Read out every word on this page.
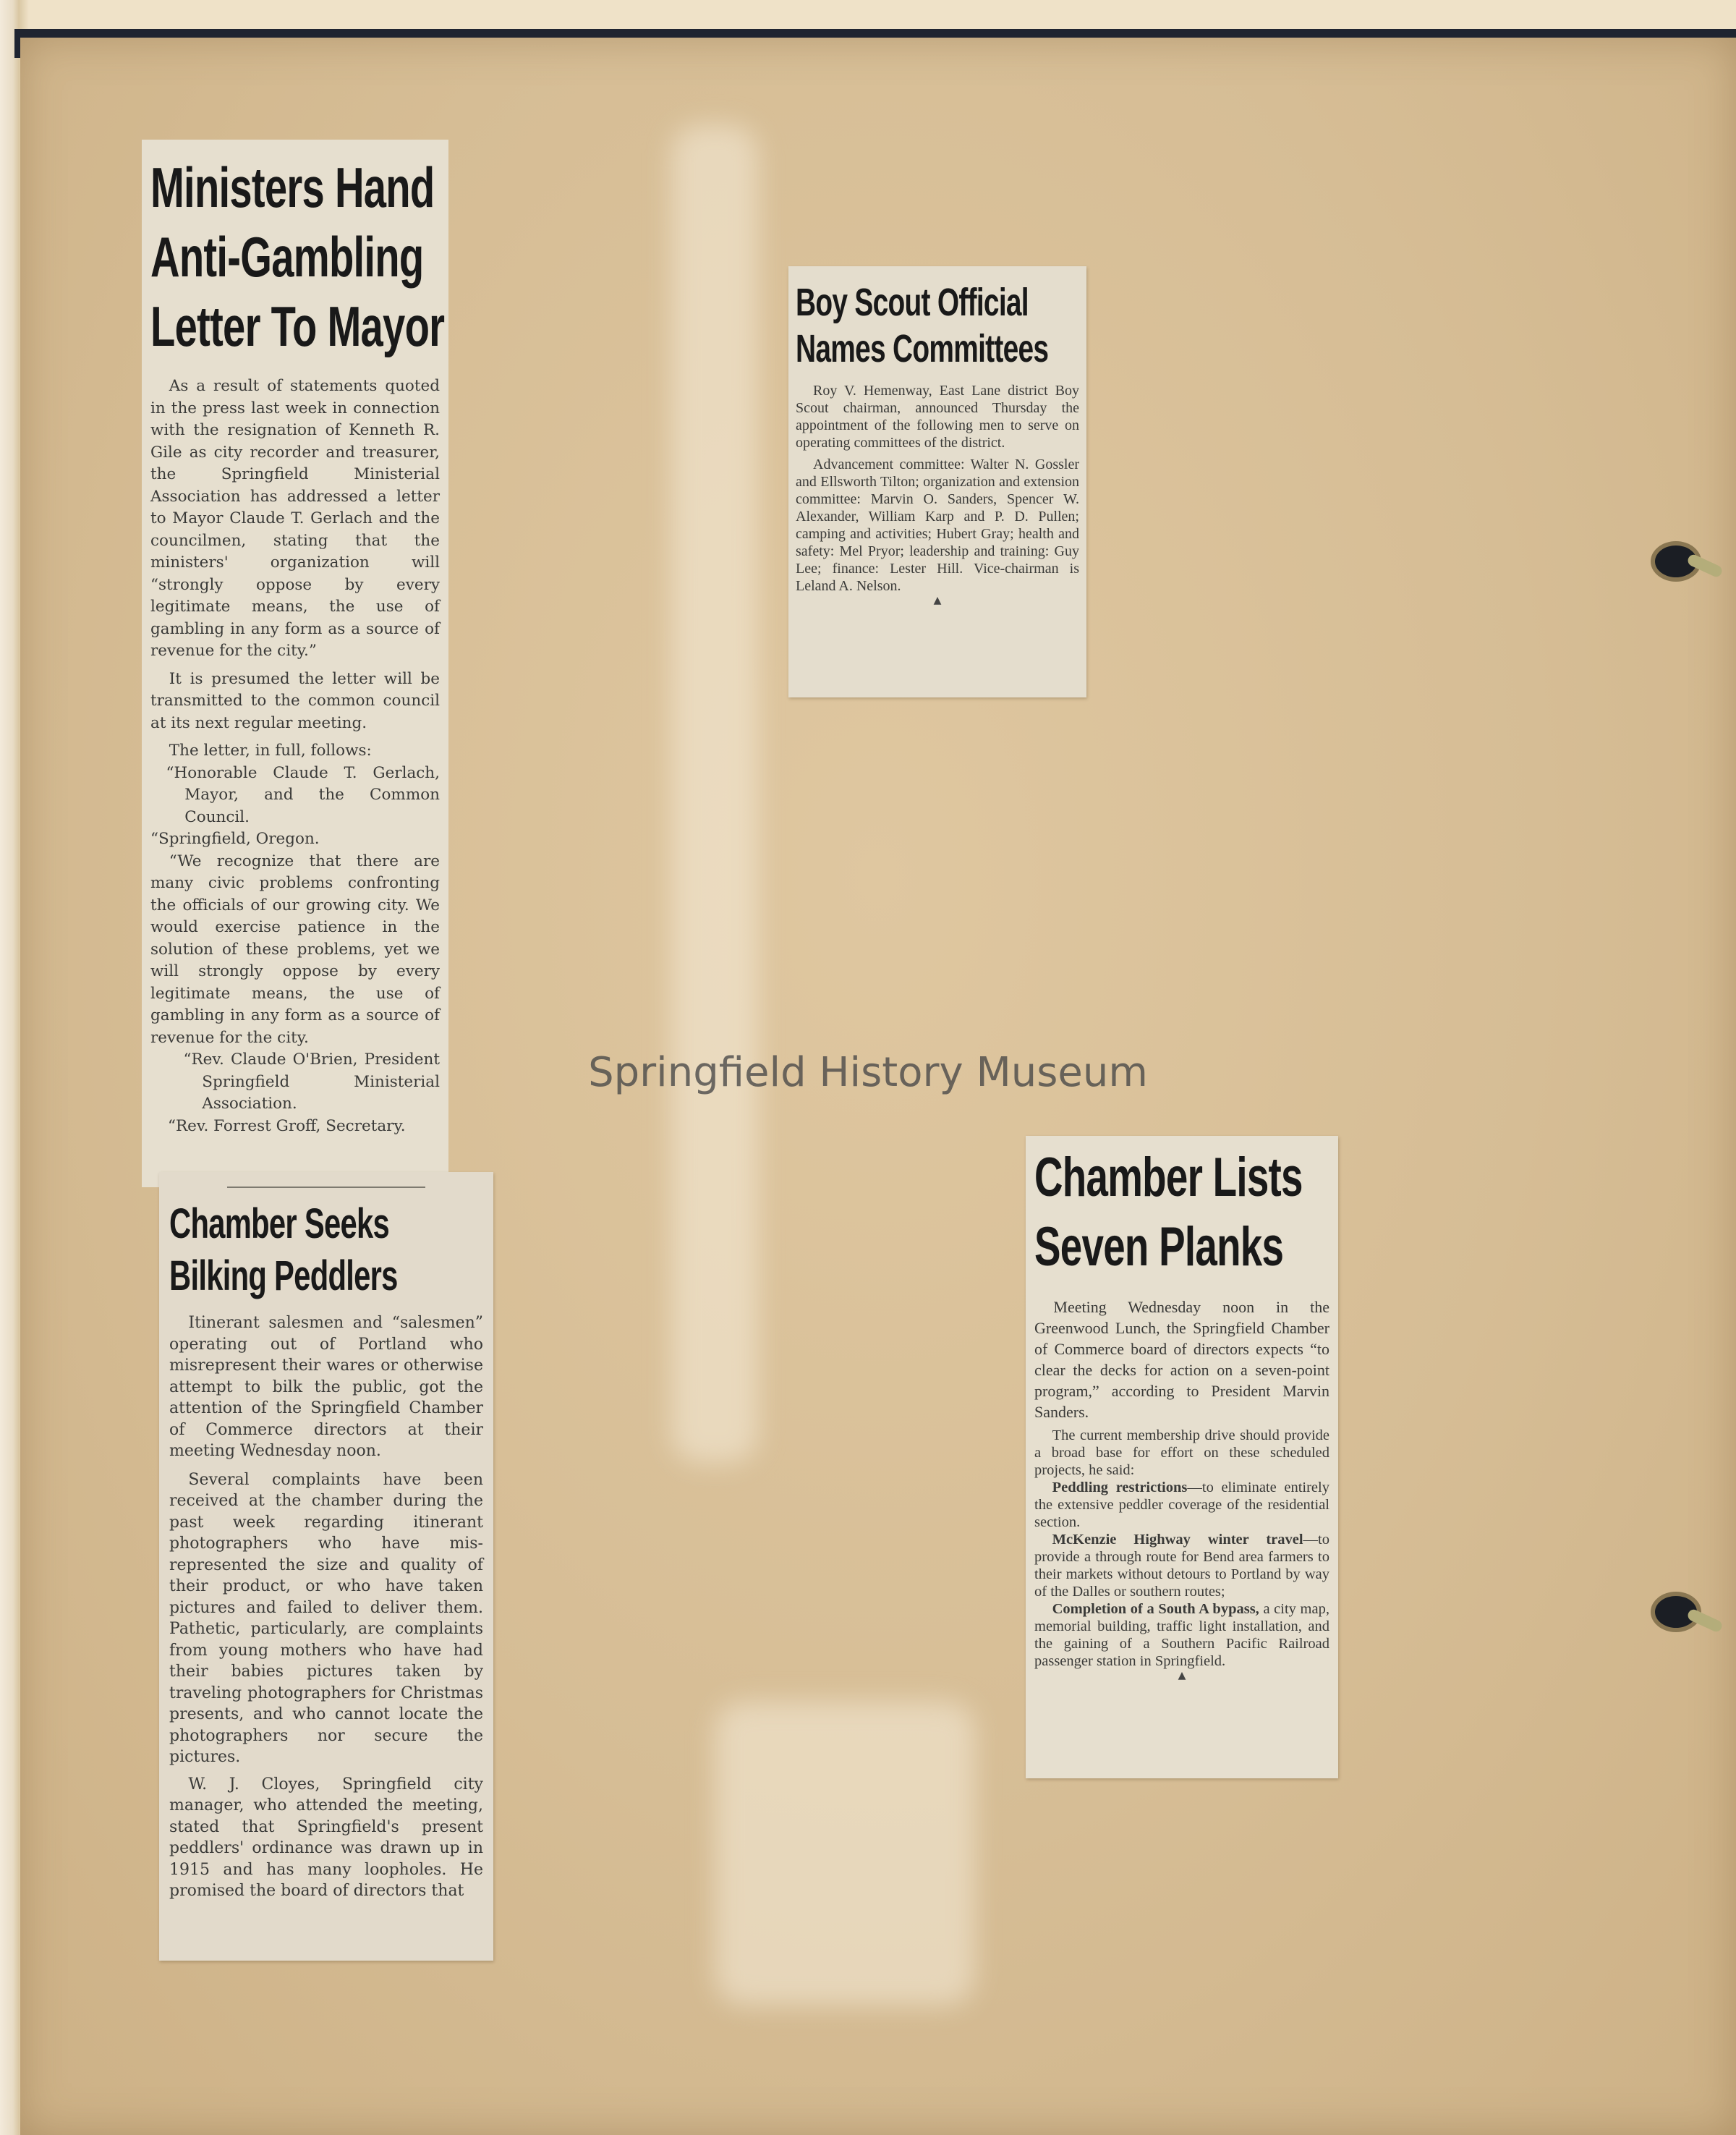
Ministers Hand
Anti-Gambling
Letter To Mayor

As a result of statements quoted in the press last week in connection with the resignation of Kenneth R. Gile as city recorder and treasurer, the Springfield Ministerial Association has addressed a letter to Mayor Claude T. Gerlach and the councilmen, stating that the ministers' organization will “strongly oppose by every legitimate means, the use of gambling in any form as a source of revenue for the city.”

It is presumed the letter will be transmitted to the common council at its next regular meeting.

The letter, in full, follows:

“Honorable Claude T. Gerlach, Mayor, and the Common Council.

“Springfield, Oregon.

“We recognize that there are many civic problems confronting the officials of our growing city. We would exercise patience in the solution of these problems, yet we will strongly oppose by every legitimate means, the use of gambling in any form as a source of revenue for the city.

“Rev. Claude O'Brien, President Springfield Ministerial Association.

“Rev. Forrest Groff, Secretary.

Chamber Seeks
Bilking Peddlers

Itinerant salesmen and “salesmen” operating out of Portland who misrepresent their wares or otherwise attempt to bilk the public, got the attention of the Springfield Chamber of Commerce directors at their meeting Wednesday noon.

Several complaints have been received at the chamber during the past week regarding itinerant photographers who have mis-represented the size and quality of their product, or who have taken pictures and failed to deliver them. Pathetic, particularly, are complaints from young mothers who have had their babies pictures taken by traveling photographers for Christmas presents, and who cannot locate the photographers nor secure the pictures.

W. J. Cloyes, Springfield city manager, who attended the meeting, stated that Springfield's present peddlers' ordinance was drawn up in 1915 and has many loopholes. He promised the board of directors that

Boy Scout Official
Names Committees

Roy V. Hemenway, East Lane district Boy Scout chairman, announced Thursday the appointment of the following men to serve on operating committees of the district.

Advancement committee: Walter N. Gossler and Ellsworth Tilton; organization and extension committee: Marvin O. Sanders, Spencer W. Alexander, William Karp and P. D. Pullen; camping and activities; Hubert Gray; health and safety: Mel Pryor; leadership and training: Guy Lee; finance: Lester Hill. Vice-chairman is Leland A. Nelson.

▲
Chamber Lists
Seven Planks

Meeting Wednesday noon in the Greenwood Lunch, the Springfield Chamber of Commerce board of directors expects “to clear the decks for action on a seven-point program,” according to President Marvin Sanders.

The current membership drive should provide a broad base for effort on these scheduled projects, he said:

Peddling restrictions—to eliminate entirely the extensive peddler coverage of the residential section.

McKenzie Highway winter travel—to provide a through route for Bend area farmers to their markets without detours to Portland by way of the Dalles or southern routes;

Completion of a South A bypass, a city map, memorial building, traffic light installation, and the gaining of a Southern Pacific Railroad passenger station in Springfield.

▲
Springfield History Museum
